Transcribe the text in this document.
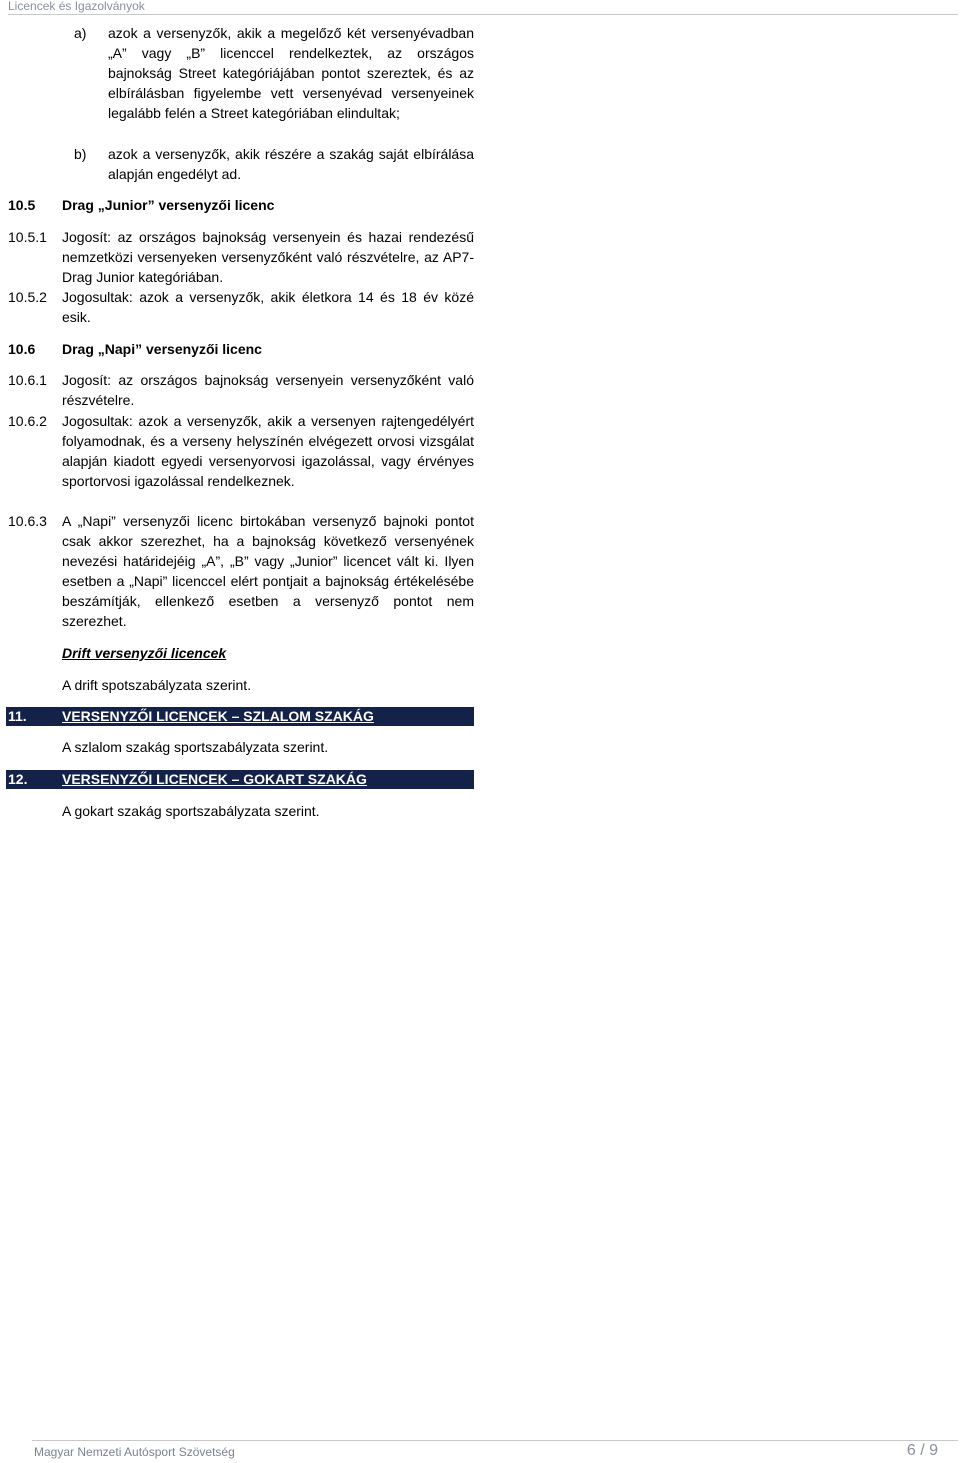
Licencek és Igazolványok
a) azok a versenyzők, akik a megelőző két versenyévadban „A” vagy „B” licenccel rendelkeztek, az országos bajnokság Street kategóriájában pontot szereztek, és az elbírálásban figyelembe vett versenyévad versenyeinek legalább felén a Street kategóriában elindultak;
b) azok a versenyzők, akik részére a szakág saját elbírálása alapján engedélyt ad.
10.5 Drag „Junior” versenyzői licenc
10.5.1 Jogosít: az országos bajnokság versenyein és hazai rendezésű nemzetközi versenyeken versenyzőként való részvételre, az AP7-Drag Junior kategóriában.
10.5.2 Jogosultak: azok a versenyzők, akik életkora 14 és 18 év közé esik.
10.6 Drag „Napi” versenyzői licenc
10.6.1 Jogosít: az országos bajnokság versenyein versenyzőként való részvételre.
10.6.2 Jogosultak: azok a versenyzők, akik a versenyen rajtengedélyért folyamodnak, és a verseny helyszínén elvégezett orvosi vizsgálat alapján kiadott egyedi versenyorvosi igazolással, vagy érvényes sportorvosi igazolással rendelkeznek.
10.6.3 A „Napi” versenyzői licenc birtokában versenyző bajnoki pontot csak akkor szerezhet, ha a bajnokság következő versenyének nevezési határidejéig „A”, „B” vagy „Junior” licencet vált ki. Ilyen esetben a „Napi” licenccel elért pontjait a bajnokság értékelésébe beszámítják, ellenkező esetben a versenyző pontot nem szerezhet.
Drift versenyzői licencek
A drift spotszabályzata szerint.
11.	VERSENYZŐI LICENCEK – SZLALOM SZAKÁG
A szlalom szakág sportszabályzata szerint.
12. VERSENYZŐI LICENCEK – GOKART SZAKÁG
A gokart szakág sportszabályzata szerint.
Magyar Nemzeti Autósport Szövetség	6 / 9
